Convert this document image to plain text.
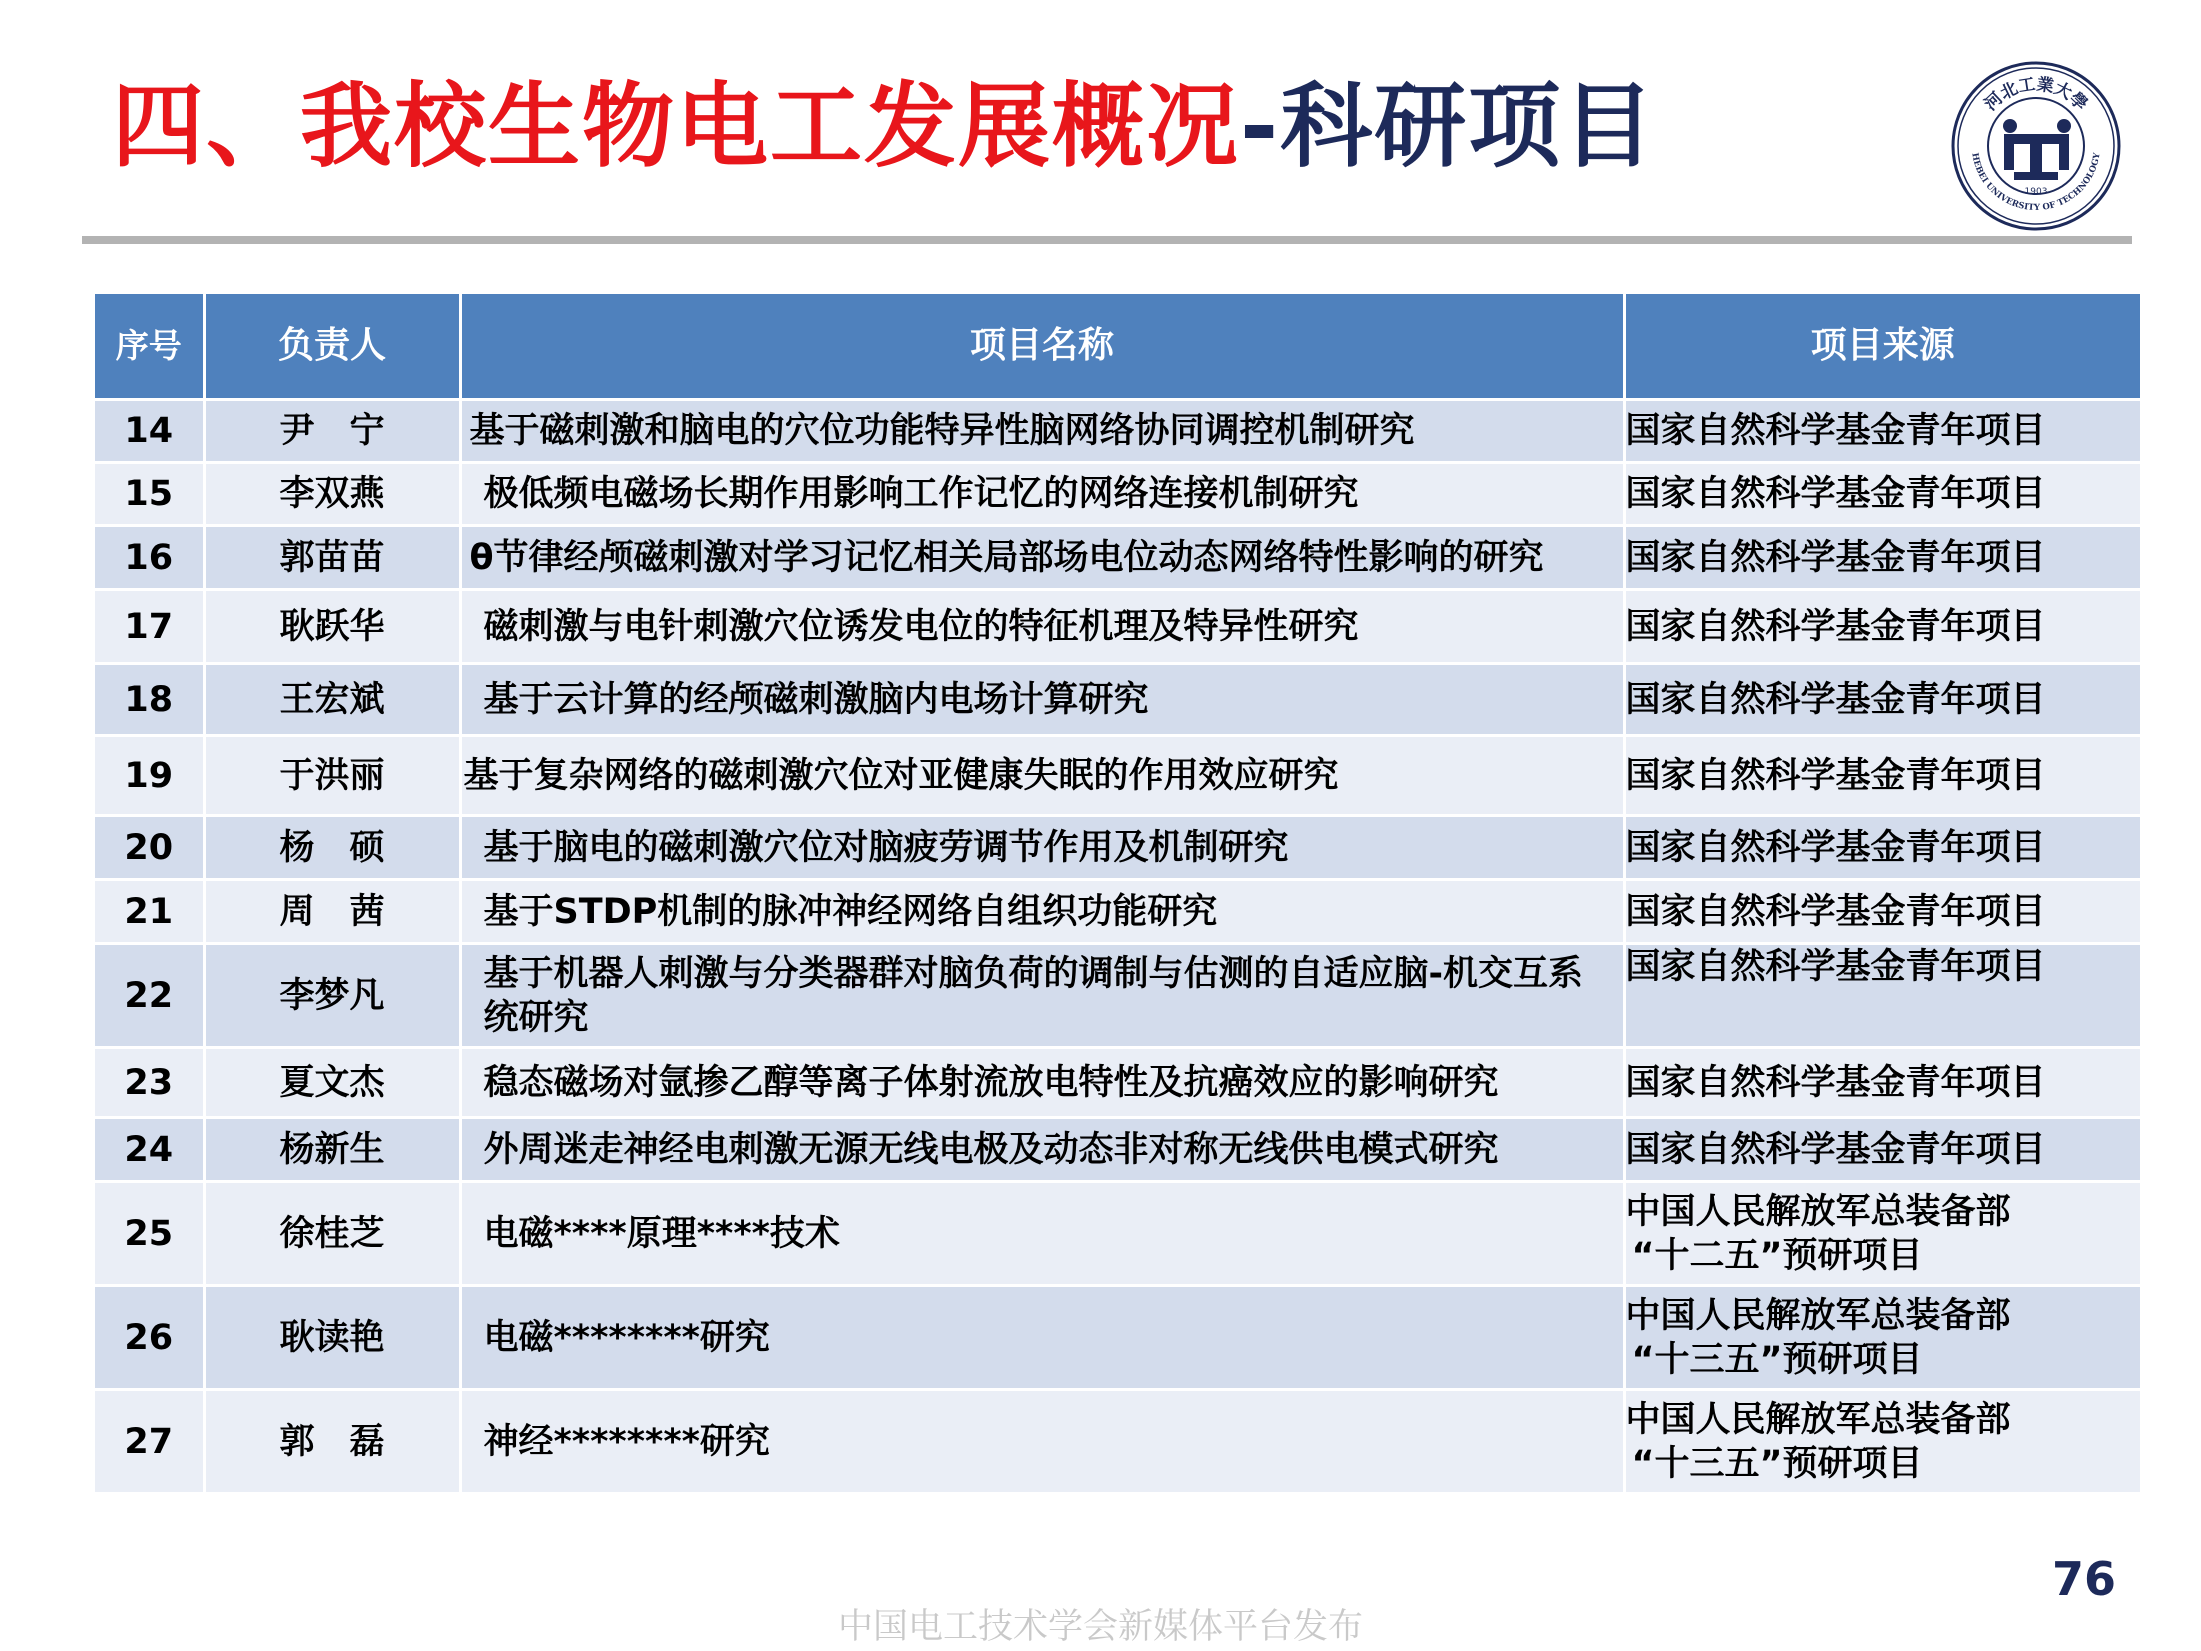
四、我校生物电工发展概况-科研项目	河北工業大學
HEBEI UNIVERSITY OF TECHNOLOGY
1903
序号	负责人	项目名称	项目来源
14	尹　宁	基于磁刺激和脑电的穴位功能特异性脑网络协同调控机制研究	国家自然科学基金青年项目

15	李双燕	极低频电磁场长期作用影响工作记忆的网络连接机制研究	国家自然科学基金青年项目

16	郭苗苗	θ节律经颅磁刺激对学习记忆相关局部场电位动态网络特性影响的研究	国家自然科学基金青年项目

17	耿跃华	磁刺激与电针刺激穴位诱发电位的特征机理及特异性研究	国家自然科学基金青年项目

18	王宏斌	基于云计算的经颅磁刺激脑内电场计算研究	国家自然科学基金青年项目

19	于洪丽	基于复杂网络的磁刺激穴位对亚健康失眠的作用效应研究	国家自然科学基金青年项目

20	杨　硕	基于脑电的磁刺激穴位对脑疲劳调节作用及机制研究	国家自然科学基金青年项目

21	周　茜	基于STDP机制的脉冲神经网络自组织功能研究	国家自然科学基金青年项目

22	李梦凡	基于机器人刺激与分类器群对脑负荷的调制与估测的自适应脑-机交互系统研究	国家自然科学基金青年项目

23	夏文杰	稳态磁场对氩掺乙醇等离子体射流放电特性及抗癌效应的影响研究	国家自然科学基金青年项目

24	杨新生	外周迷走神经电刺激无源无线电极及动态非对称无线供电模式研究	国家自然科学基金青年项目

25	徐桂芝	电磁****原理****技术	中国人民解放军总装备部
“十二五”预研项目

26	耿读艳	电磁********研究	中国人民解放军总装备部
“十三五”预研项目

27	郭　磊	神经********研究	中国人民解放军总装备部
“十三五”预研项目
76
中国电工技术学会新媒体平台发布
